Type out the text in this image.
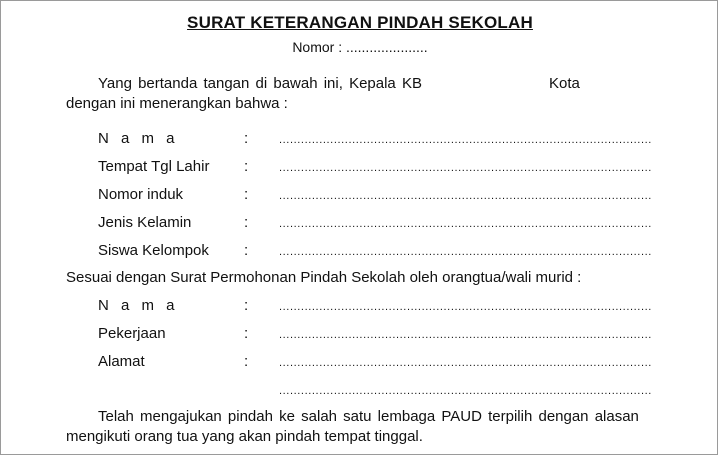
SURAT KETERANGAN PINDAH SEKOLAH
Nomor : .....................
Yang bertanda tangan di bawah ini, Kepala KB	Kota
dengan ini menerangkan bahwa :
N a m a	:	......................................................................................................
Tempat Tgl Lahir :	......................................................................................................
Nomor induk	:	......................................................................................................
Jenis Kelamin	:	......................................................................................................
Siswa Kelompok :	......................................................................................................
Sesuai dengan Surat Permohonan Pindah Sekolah oleh orangtua/wali murid :
N a m a	:	......................................................................................................
Pekerjaan	:	......................................................................................................
Alamat	:	......................................................................................................
......................................................................................................
Telah mengajukan pindah ke salah satu lembaga PAUD terpilih dengan alasan
mengikuti orang tua yang akan pindah tempat tinggal.
